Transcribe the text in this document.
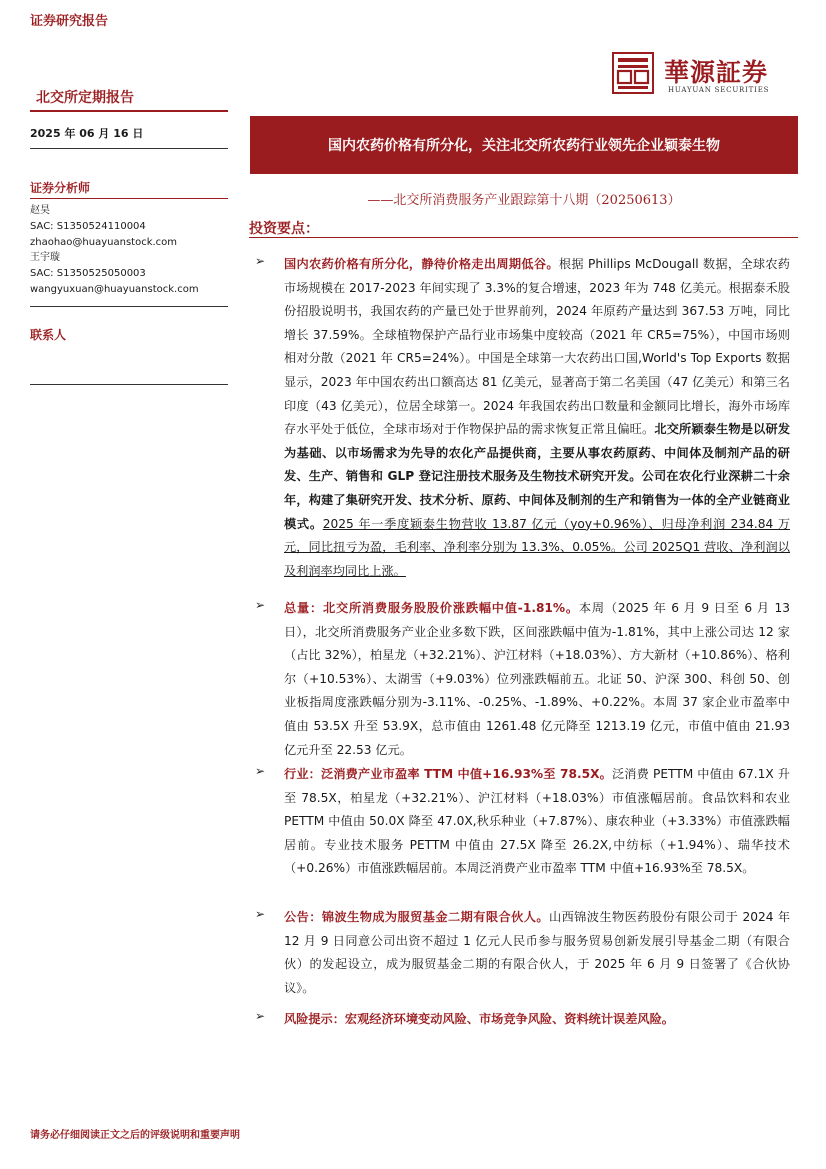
证券研究报告
華源証券
HUAYUAN SECURITIES
北交所定期报告
2025 年 06 月 16 日
国内农药价格有所分化，关注北交所农药行业领先企业颖泰生物
——北交所消费服务产业跟踪第十八期（20250613）
证券分析师
赵昊
SAC: S1350524110004
zhaohao@huayuanstock.com
王宇璇
SAC: S1350525050003
wangyuxuan@huayuanstock.com
联系人
投资要点：
➢ 国内农药价格有所分化，静待价格走出周期低谷。根据 Phillips McDougall 数据，全球农药市场规模在 2017-2023 年间实现了 3.3%的复合增速，2023 年为 748 亿美元。根据泰禾股份招股说明书，我国农药的产量已处于世界前列，2024 年原药产量达到 367.53 万吨，同比增长 37.59%。全球植物保护产品行业市场集中度较高（2021 年 CR5=75%），中国市场则相对分散（2021 年 CR5=24%）。中国是全球第一大农药出口国,World's Top Exports 数据显示，2023 年中国农药出口额高达 81 亿美元，显著高于第二名美国（47 亿美元）和第三名印度（43 亿美元），位居全球第一。2024 年我国农药出口数量和金额同比增长，海外市场库存水平处于低位，全球市场对于作物保护品的需求恢复正常且偏旺。北交所颖泰生物是以研发为基础、以市场需求为先导的农化产品提供商，主要从事农药原药、中间体及制剂产品的研发、生产、销售和 GLP 登记注册技术服务及生物技术研究开发。公司在农化行业深耕二十余年，构建了集研究开发、技术分析、原药、中间体及制剂的生产和销售为一体的全产业链商业模式。2025 年一季度颖泰生物营收 13.87 亿元（yoy+0.96%）、归母净利润 234.84 万元，同比扭亏为盈，毛利率、净利率分别为 13.3%、0.05%。公司 2025Q1 营收、净利润以及利润率均同比上涨。
➢ 总量：北交所消费服务股股价涨跌幅中值-1.81%。本周（2025 年 6 月 9 日至 6 月 13 日），北交所消费服务产业企业多数下跌，区间涨跌幅中值为-1.81%，其中上涨公司达 12 家（占比 32%），柏星龙（+32.21%）、沪江材料（+18.03%）、方大新材（+10.86%）、格利尔（+10.53%）、太湖雪（+9.03%）位列涨跌幅前五。北证 50、沪深 300、科创 50、创业板指周度涨跌幅分别为-3.11%、-0.25%、-1.89%、+0.22%。本周 37 家企业市盈率中值由 53.5X 升至 53.9X，总市值由 1261.48 亿元降至 1213.19 亿元，市值中值由 21.93 亿元升至 22.53 亿元。
➢ 行业：泛消费产业市盈率 TTM 中值+16.93%至 78.5X。泛消费 PETTM 中值由 67.1X 升至 78.5X，柏星龙（+32.21%）、沪江材料（+18.03%）市值涨幅居前。食品饮料和农业 PETTM 中值由 50.0X 降至 47.0X,秋乐种业（+7.87%）、康农种业（+3.33%）市值涨跌幅居前。专业技术服务 PETTM 中值由 27.5X 降至 26.2X,中纺标（+1.94%）、瑞华技术（+0.26%）市值涨跌幅居前。本周泛消费产业市盈率 TTM 中值+16.93%至 78.5X。
➢ 公告：锦波生物成为服贸基金二期有限合伙人。山西锦波生物医药股份有限公司于 2024 年 12 月 9 日同意公司出资不超过 1 亿元人民币参与服务贸易创新发展引导基金二期（有限合伙）的发起设立，成为服贸基金二期的有限合伙人，于 2025 年 6 月 9 日签署了《合伙协议》。
➢ 风险提示：宏观经济环境变动风险、市场竞争风险、资料统计误差风险。
请务必仔细阅读正文之后的评级说明和重要声明
